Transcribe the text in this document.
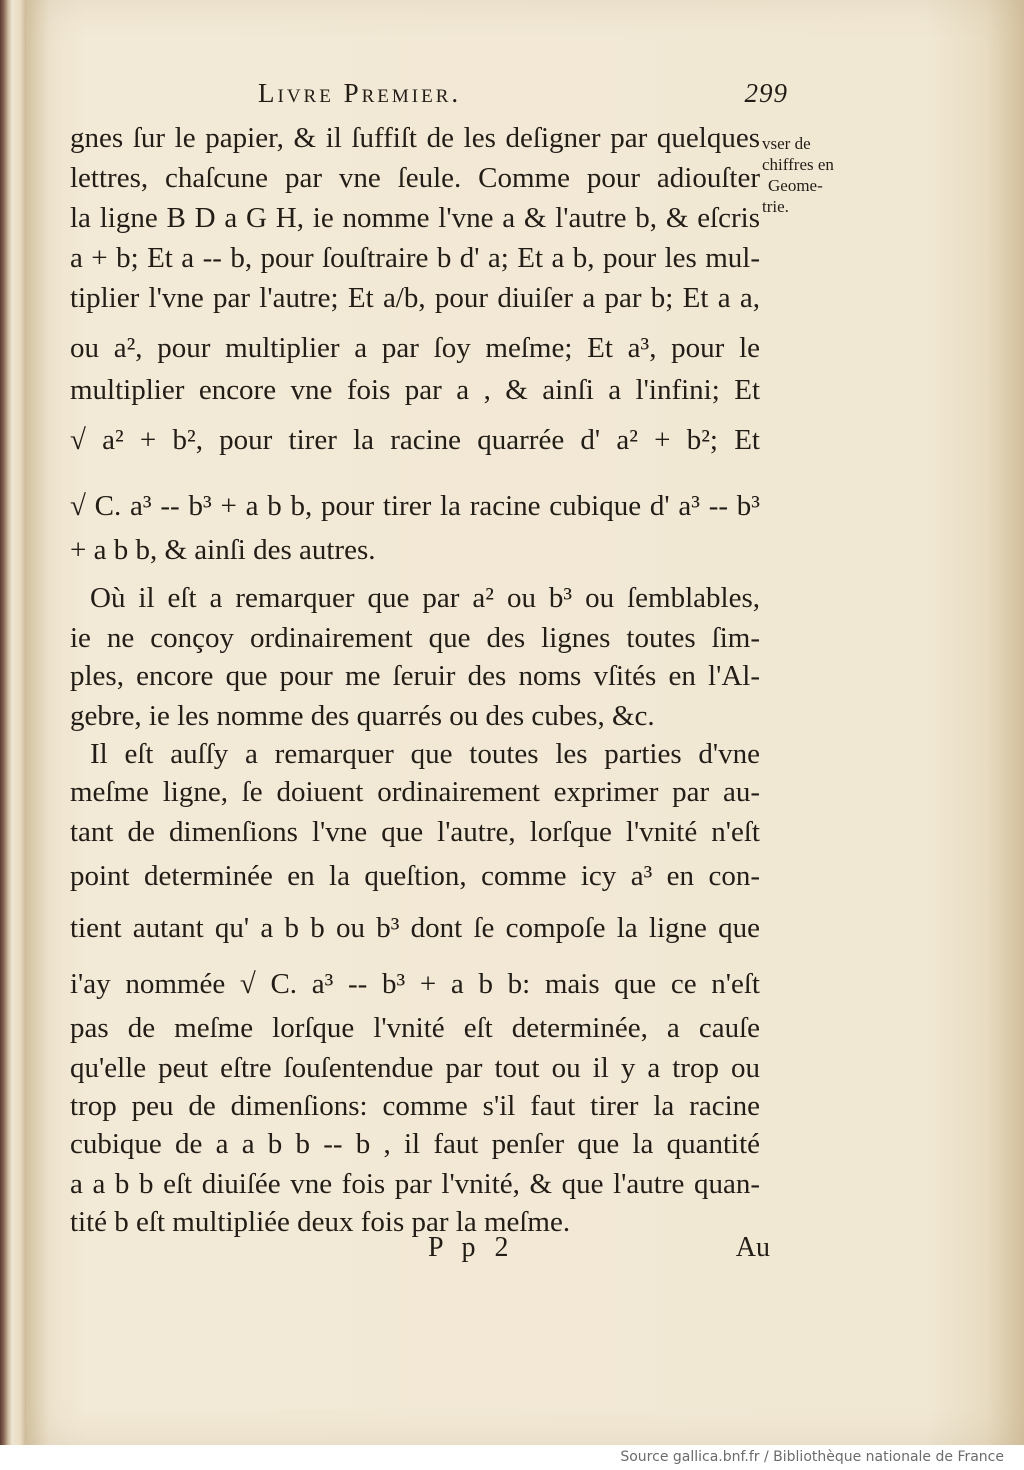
Livre Premier.	299
gnes ſur le papier, & il ſuffiſt de les deſigner par quelques
lettres, chaſcune par vne ſeule. Comme pour adiouſter
la ligne B D a G H, ie nomme l'vne a & l'autre b, & eſcris
a + b; Et a -- b, pour ſouſtraire b d' a; Et a b, pour les mul-
tiplier l'vne par l'autre; Et a/b, pour diuiſer a par b; Et a a,
ou a², pour multiplier a par ſoy meſme; Et a³, pour le
multiplier encore vne fois par a , & ainſi a l'infini; Et
√ a² + b², pour tirer la racine quarrée d' a² + b²; Et
√ C. a³ -- b³ + a b b, pour tirer la racine cubique d' a³ -- b³
+ a b b, & ainſi des autres.
Où il eſt a remarquer que par a² ou b³ ou ſemblables,
ie ne conçoy ordinairement que des lignes toutes ſim-
ples, encore que pour me ſeruir des noms vſités en l'Al-
gebre, ie les nomme des quarrés ou des cubes, &c.
Il eſt auſſy a remarquer que toutes les parties d'vne
meſme ligne, ſe doiuent ordinairement exprimer par au-
tant de dimenſions l'vne que l'autre, lorſque l'vnité n'eſt
point determinée en la queſtion, comme icy a³ en con-
tient autant qu' a b b ou b³ dont ſe compoſe la ligne que
i'ay nommée √ C. a³ -- b³ + a b b: mais que ce n'eſt
pas de meſme lorſque l'vnité eſt determinée, a cauſe
qu'elle peut eſtre ſouſentendue par tout ou il y a trop ou
trop peu de dimenſions: comme s'il faut tirer la racine
cubique de a a b b -- b , il faut penſer que la quantité
a a b b eſt diuiſée vne fois par l'vnité, & que l'autre quan-
tité b eſt multipliée deux fois par la meſme.
vser de
chiffres en
Geome-
trie.
P p 2	Au
Source gallica.bnf.fr / Bibliothèque nationale de France
